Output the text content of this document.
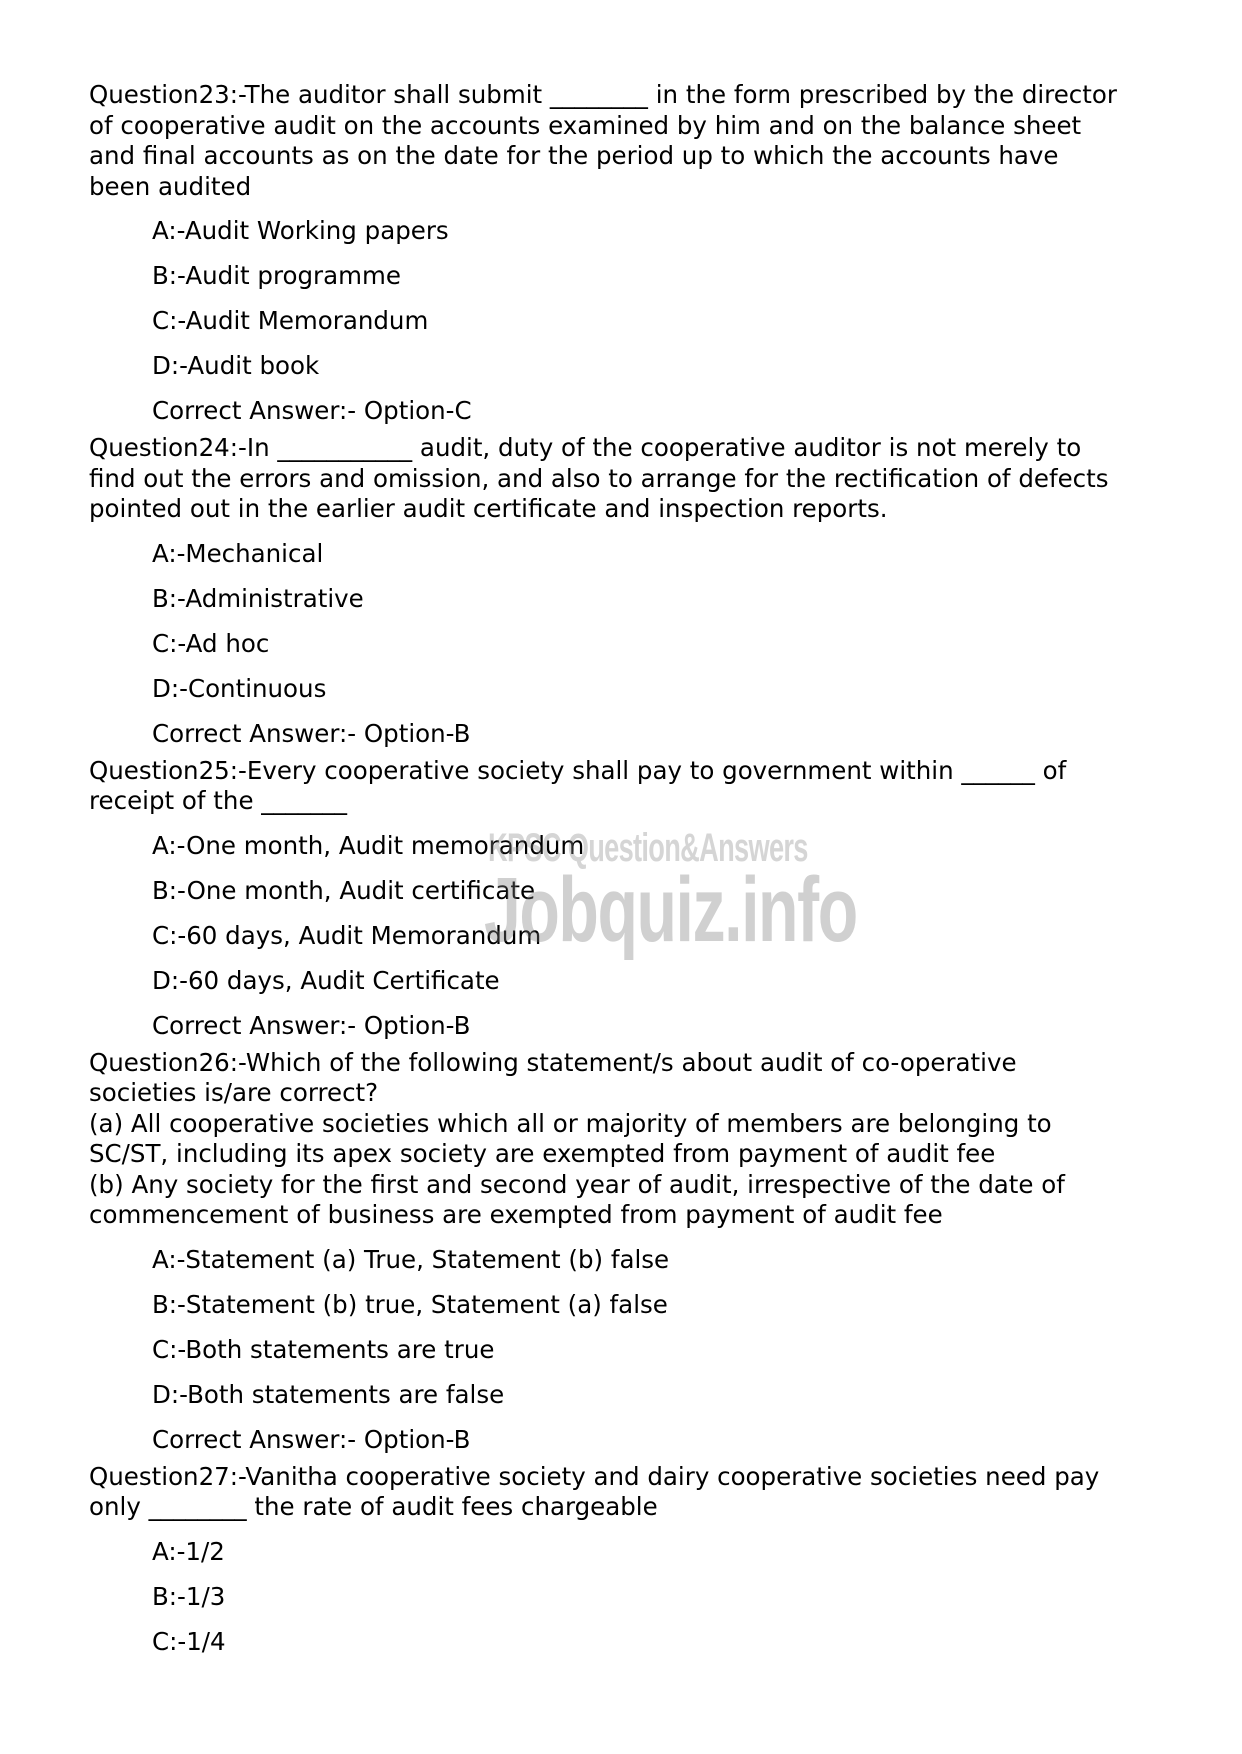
Question23:-The auditor shall submit ________ in the form prescribed by the director
of cooperative audit on the accounts examined by him and on the balance sheet
and final accounts as on the date for the period up to which the accounts have
been audited

A:-Audit Working papers
B:-Audit programme
C:-Audit Memorandum
D:-Audit book
Correct Answer:- Option-C

Question24:-In ___________ audit, duty of the cooperative auditor is not merely to
find out the errors and omission, and also to arrange for the rectification of defects
pointed out in the earlier audit certificate and inspection reports.

A:-Mechanical
B:-Administrative
C:-Ad hoc
D:-Continuous
Correct Answer:- Option-B

Question25:-Every cooperative society shall pay to government within ______ of
receipt of the _______

A:-One month, Audit memorandum
B:-One month, Audit certificate
C:-60 days, Audit Memorandum
D:-60 days, Audit Certificate
Correct Answer:- Option-B

Question26:-Which of the following statement/s about audit of co-operative
societies is/are correct?
(a) All cooperative societies which all or majority of members are belonging to
SC/ST, including its apex society are exempted from payment of audit fee
(b) Any society for the first and second year of audit, irrespective of the date of
commencement of business are exempted from payment of audit fee

A:-Statement (a) True, Statement (b) false
B:-Statement (b) true, Statement (a) false
C:-Both statements are true
D:-Both statements are false
Correct Answer:- Option-B

Question27:-Vanitha cooperative society and dairy cooperative societies need pay
only ________ the rate of audit fees chargeable

A:-1/2
B:-1/3
C:-1/4
KPSC Question&Answers
Jobquiz.info
